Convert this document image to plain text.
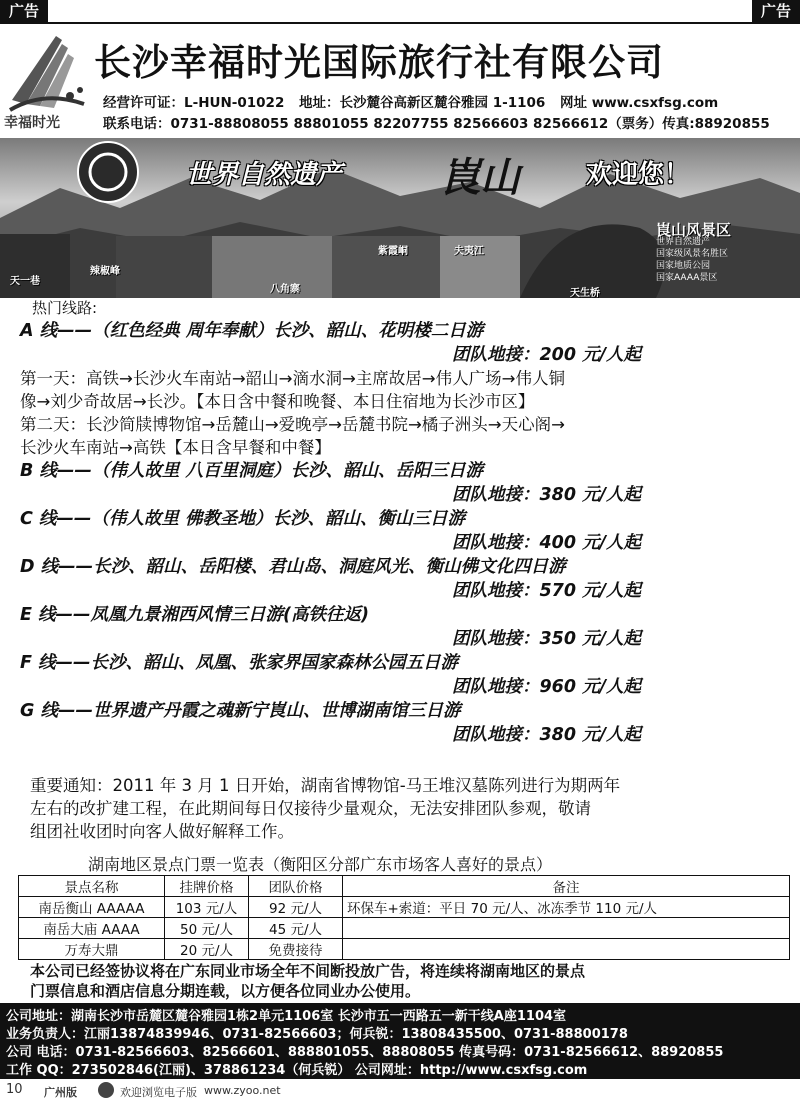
广告	广告
幸福时光
长沙幸福时光国际旅行社有限公司
经营许可证：L-HUN-01022 地址：长沙麓谷高新区麓谷雅园 1-1106 网址 www.csxfsg.com
联系电话：0731-88808055 88801055 82207755 82566603 82566612（票务）传真:88920855
世界自然遗产 崀山	欢迎您！
天一巷
辣椒峰
八角寨
紫霞峒	夫夷江
天生桥
崀山风景区
世界自然遗产
国家级风景名胜区
国家地质公园
国家AAAA景区
热门线路:
A 线——（红色经典 周年奉献）长沙、韶山、花明楼二日游
团队地接：200 元/人起
第一天：高铁→长沙火车南站→韶山→滴水洞→主席故居→伟人广场→伟人铜
像→刘少奇故居→长沙。【本日含中餐和晚餐、本日住宿地为长沙市区】
第二天：长沙简牍博物馆→岳麓山→爱晚亭→岳麓书院→橘子洲头→天心阁→
长沙火车南站→高铁【本日含早餐和中餐】
B 线——（伟人故里 八百里洞庭）长沙、韶山、岳阳三日游
团队地接：380 元/人起
C 线——（伟人故里 佛教圣地）长沙、韶山、衡山三日游
团队地接：400 元/人起
D 线——长沙、韶山、岳阳楼、君山岛、洞庭风光、衡山佛文化四日游
团队地接：570 元/人起
E 线——凤凰九景湘西风情三日游(高铁往返)
团队地接：350 元/人起
F 线——长沙、韶山、凤凰、张家界国家森林公园五日游
团队地接：960 元/人起
G 线——世界遗产丹霞之魂新宁崀山、世博湖南馆三日游
团队地接：380 元/人起
重要通知：2011 年 3 月 1 日开始，湖南省博物馆-马王堆汉墓陈列进行为期两年
左右的改扩建工程，在此期间每日仅接待少量观众，无法安排团队参观，敬请
组团社收团时向客人做好解释工作。
湖南地区景点门票一览表（衡阳区分部广东市场客人喜好的景点）
景点名称	挂牌价格	团队价格	备注
南岳衡山 AAAAA	103 元/人	92 元/人	环保车+索道：平日 70 元/人、冰冻季节 110 元/人
南岳大庙 AAAA	50 元/人	45 元/人	
万寿大鼎	20 元/人	免费接待	
本公司已经签协议将在广东同业市场全年不间断投放广告，将连续将湖南地区的景点
门票信息和酒店信息分期连载，以方便各位同业办公使用。
公司地址：湖南长沙市岳麓区麓谷雅园1栋2单元1106室 长沙市五一西路五一新干线A座1104室
业务负责人：江丽13874839946、0731-82566603；何兵锐：13808435500、0731-88800178
公司 电话：0731-82566603、82566601、888801055、88808055 传真号码：0731-82566612、88920855
工作 QQ：273502846(江丽)、378861234（何兵锐） 公司网址：http://www.csxfsg.com
10 广州版	欢迎浏览电子版 www.zyoo.net
